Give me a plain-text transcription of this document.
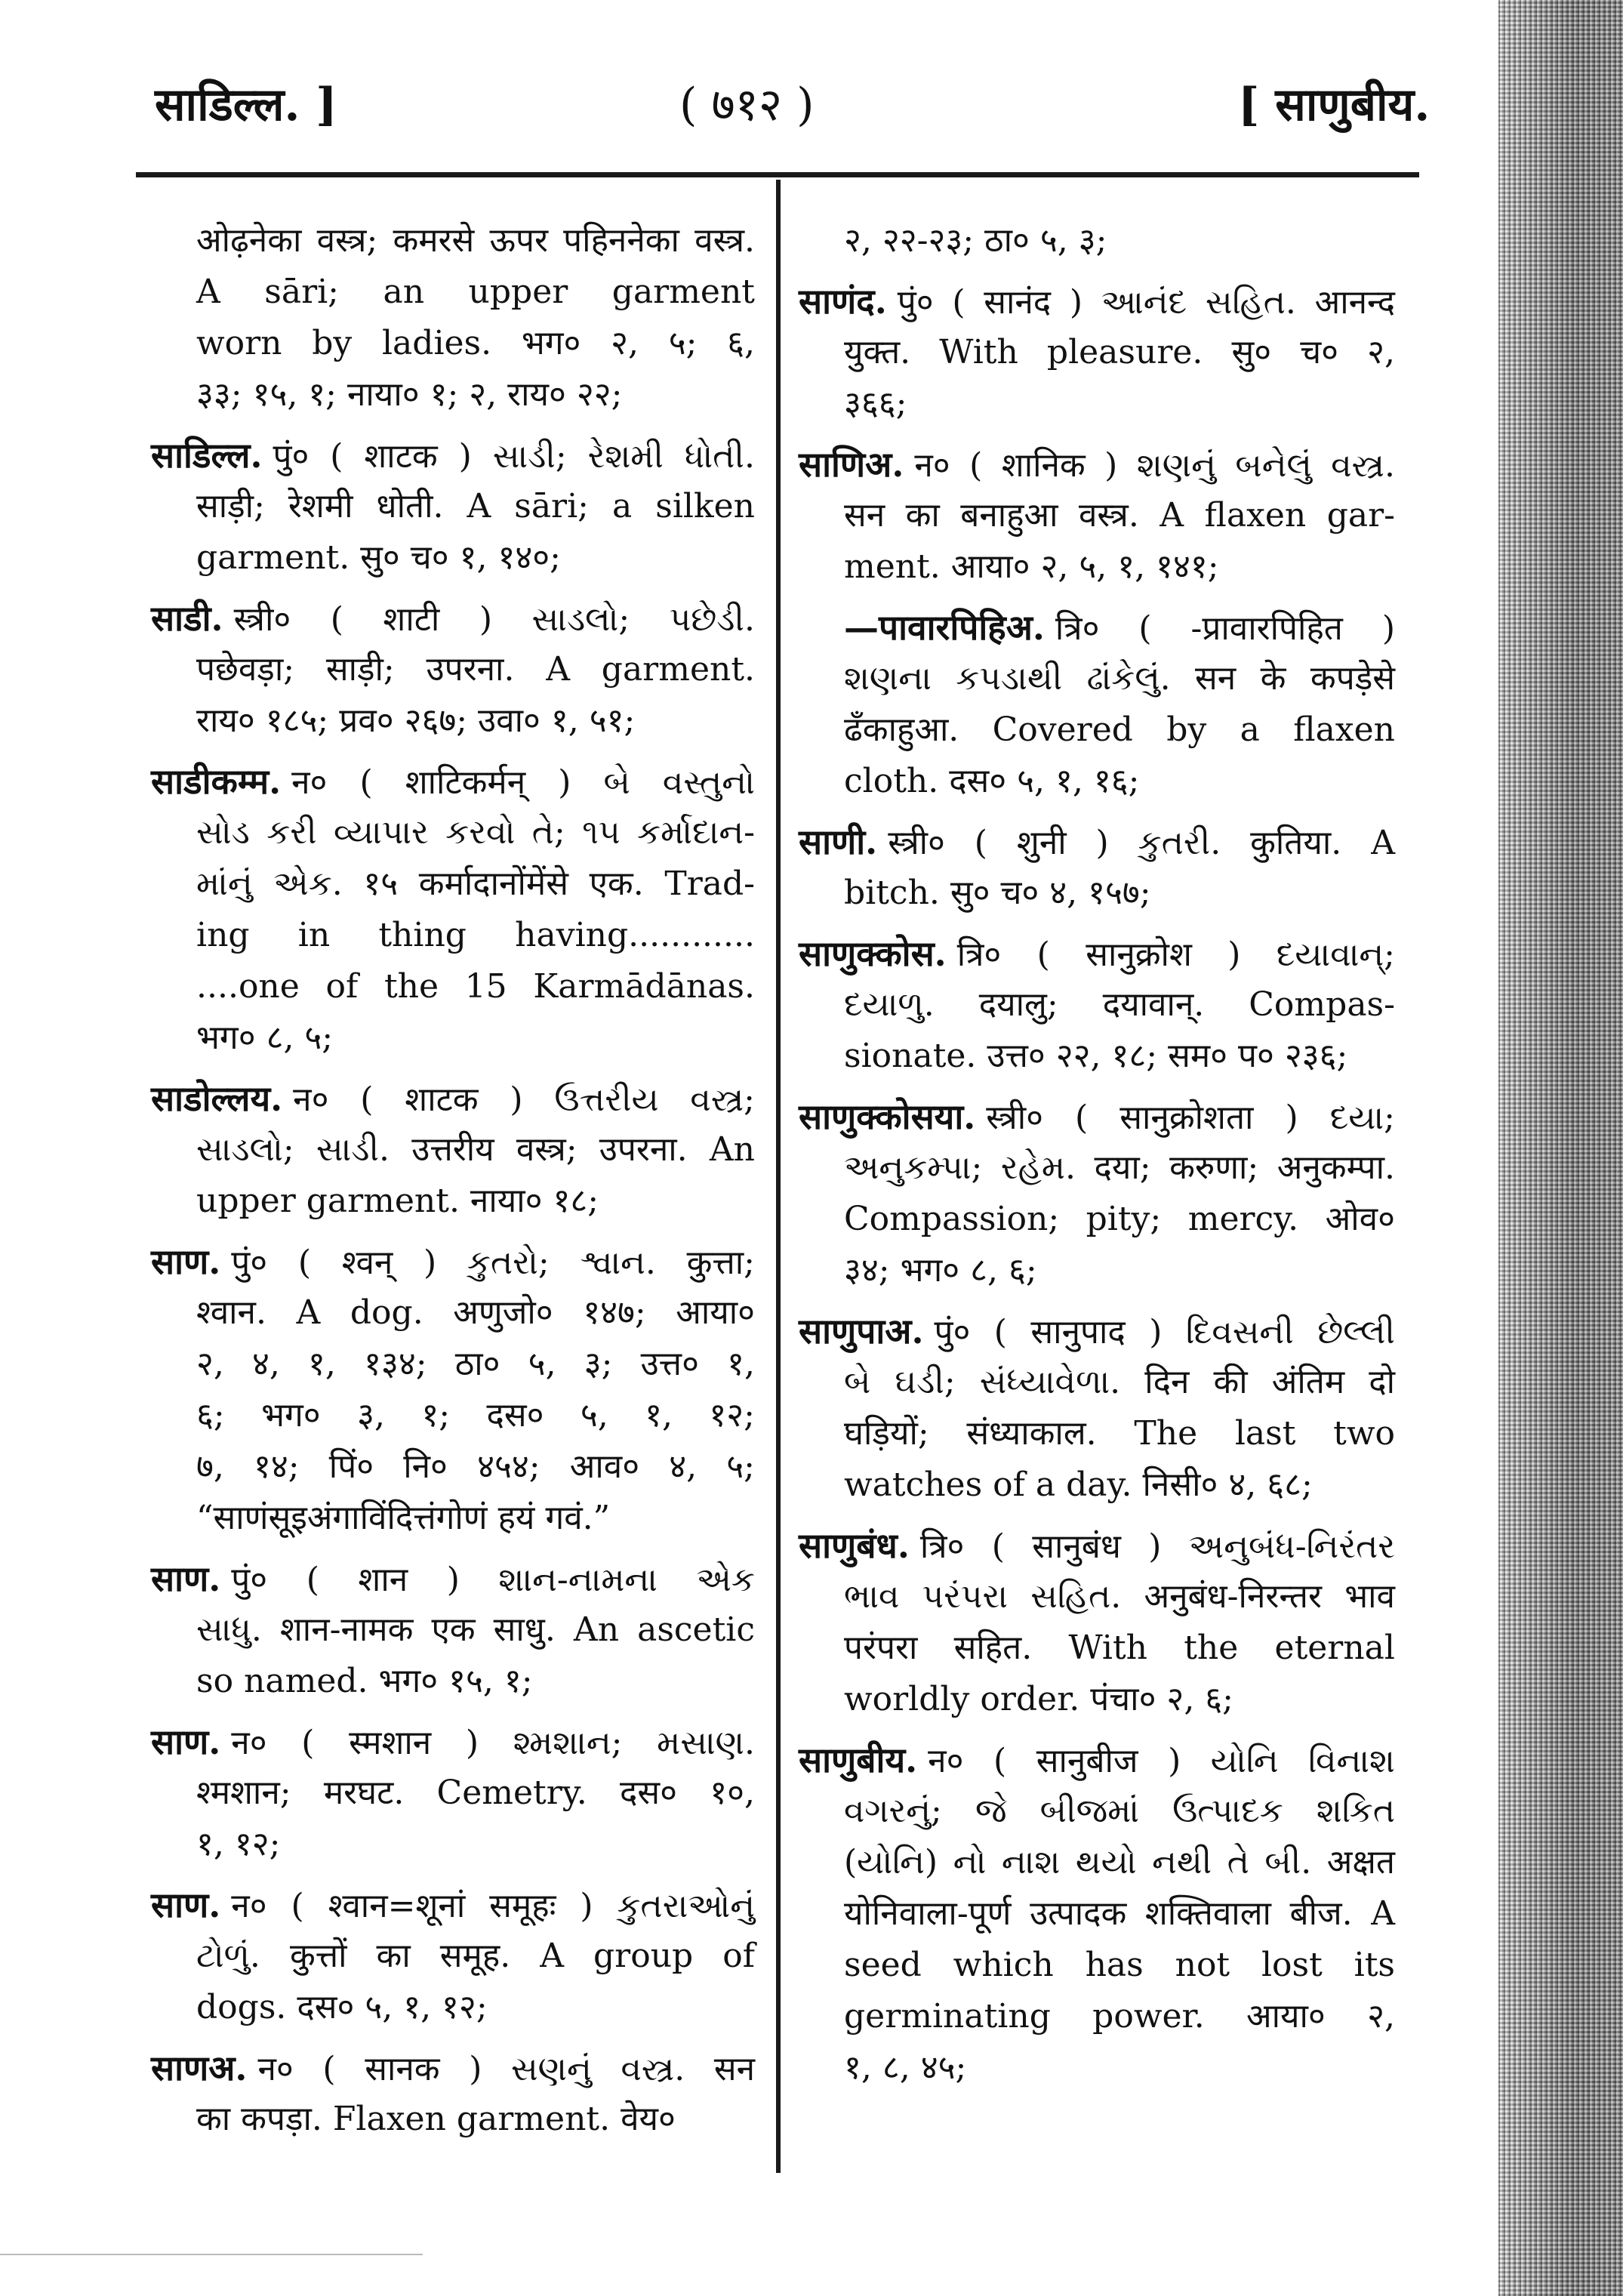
साडिल्ल. ]	( ७१२ )	[ साणुबीय.
ओढ़नेका वस्त्र; कमरसे ऊपर पहिननेका वस्त्र.
A sāri; an upper garment
worn by ladies. भग० २, ५; ६,
३३; १५, १; नाया० १; २, राय० २२;
साडिल्ल. पुं० ( शाटक ) સાડી; રેશમી ધોતી.
साड़ी; रेशमी धोती. A sāri; a silken
garment. सु० च० १, १४०;
साडी. स्त्री० ( शाटी ) સાડલો; પછેડી.
पछेवड़ा; साड़ी; उपरना. A garment.
राय० १८५; प्रव० २६७; उवा० १, ५१;
साडीकम्म. न० ( शाटिकर्मन् ) બે વસ્તુનો
સોડ કરી વ્યાપાર કરવો તે; ૧૫ કર્માદાન-
માંનું એક. १५ कर्मादानोंमेंसे एक. Trad-
ing in thing having............
....one of the 15 Karmādānas.
भग० ८, ५;
साडोल्लय. न० ( शाटक ) ઉત્તરીય વસ્ત્ર;
સાડલો; સાડી. उत्तरीय वस्त्र; उपरना. An
upper garment. नाया० १८;
साण. पुं० ( श्वन् ) કુતરો; શ્વાન. कुत्ता;
श्वान. A dog. अणुजो० १४७; आया०
२, ४, १, १३४; ठा० ५, ३; उत्त० १,
६; भग० ३, १; दस० ५, १, १२;
७, १४; पिं० नि० ४५४; आव० ४, ५;
“साणंसूइअंगाविंदित्तंगोणं हयं गवं.”
साण. पुं० ( शान ) શાન-નામના એક
સાધુ. शान-नामक एक साधु. An ascetic
so named. भग० १५, १;
साण. न० ( स्मशान ) શ્મશાન; મસાણ.
श्मशान; मरघट. Cemetry. दस० १०,
१, १२;
साण. न० ( श्वान=शूनां समूहः ) કુતરાઓનું
ટોળું. कुत्तों का समूह. A group of
dogs. दस० ५, १, १२;
साणअ. न० ( सानक ) સણનું વસ્ત્ર. सन
का कपड़ा. Flaxen garment. वेय०
२, २२-२३; ठा० ५, ३;
साणंद. पुं० ( सानंद ) આનંદ સહિત. आनन्द
युक्त. With pleasure. सु० च० २,
३६६;
साणिअ. न० ( शानिक ) શણનું બનેલું વસ્ત્ર.
सन का बनाहुआ वस्त्र. A flaxen gar-
ment. आया० २, ५, १, १४१;
—पावारपिहिअ. त्रि० ( -प्रावारपिहित )
શણના કપડાથી ઢાંકેલું. सन के कपड़ेसे
ढँकाहुआ. Covered by a flaxen
cloth. दस० ५, १, १६;
साणी. स्त्री० ( शुनी ) કુતરી. कुतिया. A
bitch. सु० च० ४, १५७;
साणुक्कोस. त्रि० ( सानुक्रोश ) દયાવાન્;
દયાળુ. दयालु; दयावान्. Compas-
sionate. उत्त० २२, १८; सम० प० २३६;
साणुक्कोसया. स्त्री० ( सानुक्रोशता ) દયા;
અનુકમ્પા; રહેમ. दया; करुणा; अनुकम्पा.
Compassion; pity; mercy. ओव०
३४; भग० ८, ६;
साणुपाअ. पुं० ( सानुपाद ) દિવસની છેલ્લી
બે ઘડી; સંધ્યાવેળા. दिन की अंतिम दो
घड़ियों; संध्याकाल. The last two
watches of a day. निसी० ४, ६८;
साणुबंध. त्रि० ( सानुबंध ) અનુબંધ-નિરંતર
ભાવ પરંપરા સહિત. अनुबंध-निरन्तर भाव
परंपरा सहित. With the eternal
worldly order. पंचा० २, ६;
साणुबीय. न० ( सानुबीज ) યોનિ વિનાશ
વગરનું; જે બીજમાં ઉત્પાદક શકિત
(યોનિ) નો નાશ થયો નથી તે બી. अक्षत
योनिवाला-पूर्ण उत्पादक शक्तिवाला बीज. A
seed which has not lost its
germinating power. आया० २,
१, ८, ४५;
